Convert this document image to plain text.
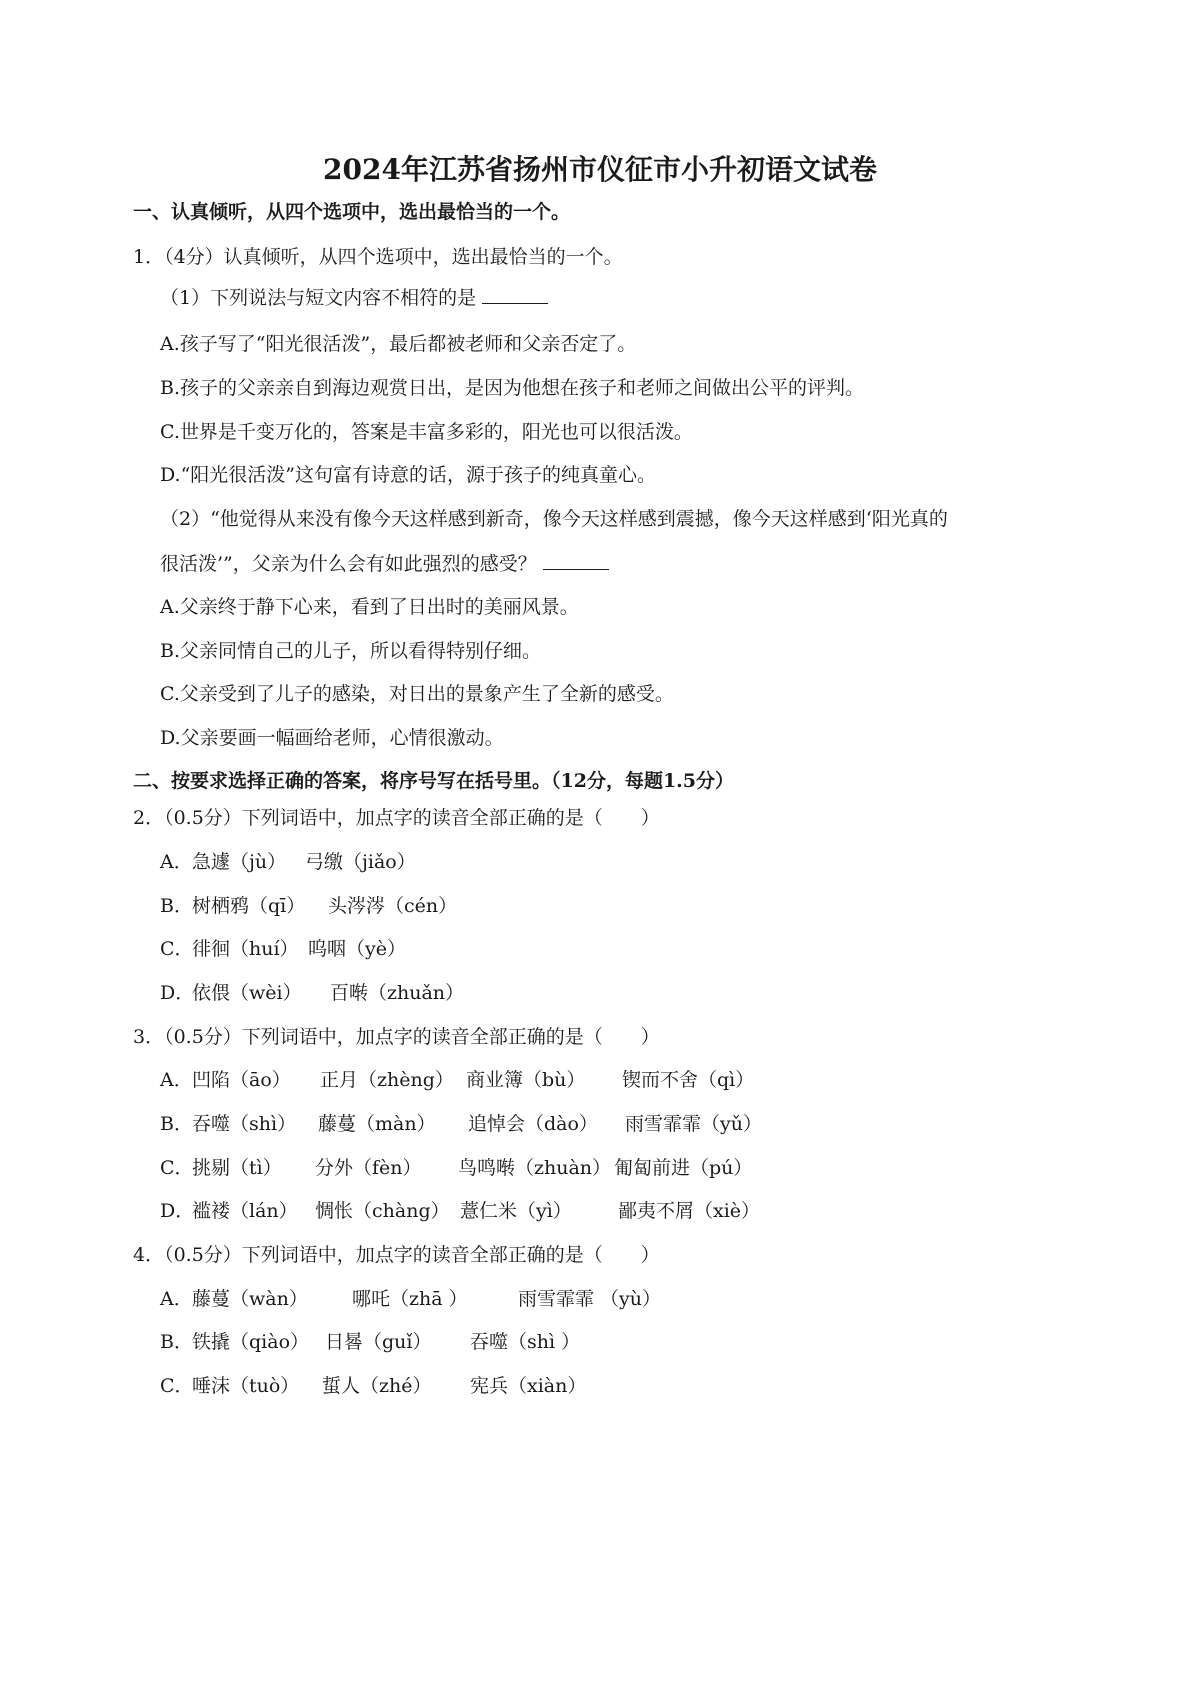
2024年江苏省扬州市仪征市小升初语文试卷
一、认真倾听，从四个选项中，选出最恰当的一个。
1．（4分）认真倾听，从四个选项中，选出最恰当的一个。
（1）下列说法与短文内容不相符的是
A.孩子写了“阳光很活泼”，最后都被老师和父亲否定了。
B.孩子的父亲亲自到海边观赏日出，是因为他想在孩子和老师之间做出公平的评判。
C.世界是千变万化的，答案是丰富多彩的，阳光也可以很活泼。
D.“阳光很活泼”这句富有诗意的话，源于孩子的纯真童心。
（2）“他觉得从来没有像今天这样感到新奇，像今天这样感到震撼，像今天这样感到‘阳光真的
很活泼’”，父亲为什么会有如此强烈的感受？
A.父亲终于静下心来，看到了日出时的美丽风景。
B.父亲同情自己的儿子，所以看得特别仔细。
C.父亲受到了儿子的感染，对日出的景象产生了全新的感受。
D.父亲要画一幅画给老师，心情很激动。
二、按要求选择正确的答案，将序号写在括号里。（12分，每题1.5分）
2．（0.5分）下列词语中，加点字的读音全部正确的是（　　）
A． 急遽（jù） 弓缴（jiǎo）
B． 树栖鸦（qī） 头涔涔（cén）
C．
徘徊（huí） 呜咽（yè）
D．
依偎（wèi） 百啭（zhuǎn）
3．（0.5分）下列词语中，加点字的读音全部正确的是（　　）
A． 凹陷（āo） 正月（zhèng） 商业簿（bù） 锲而不舍（qì）
B． 吞噬（shì） 藤蔓（màn） 追悼会（dào） 雨雪霏霏（yǔ）
C．
挑剔（tì） 分外（fèn） 鸟鸣啭（zhuàn） 匍匐前进（pú）
D．
褴褛（lán） 惆怅（chàng） 薏仁米（yì） 鄙夷不屑（xiè）
4．（0.5分）下列词语中，加点字的读音全部正确的是（　　）
A． 藤蔓（wàn） 哪吒（zhā ）	雨雪霏霏 （yù）
B． 铁撬（qiào） 日晷（guǐ） 吞噬（shì ）
C．
唾沫（tuò） 蜇人（zhé） 宪兵（xiàn）
